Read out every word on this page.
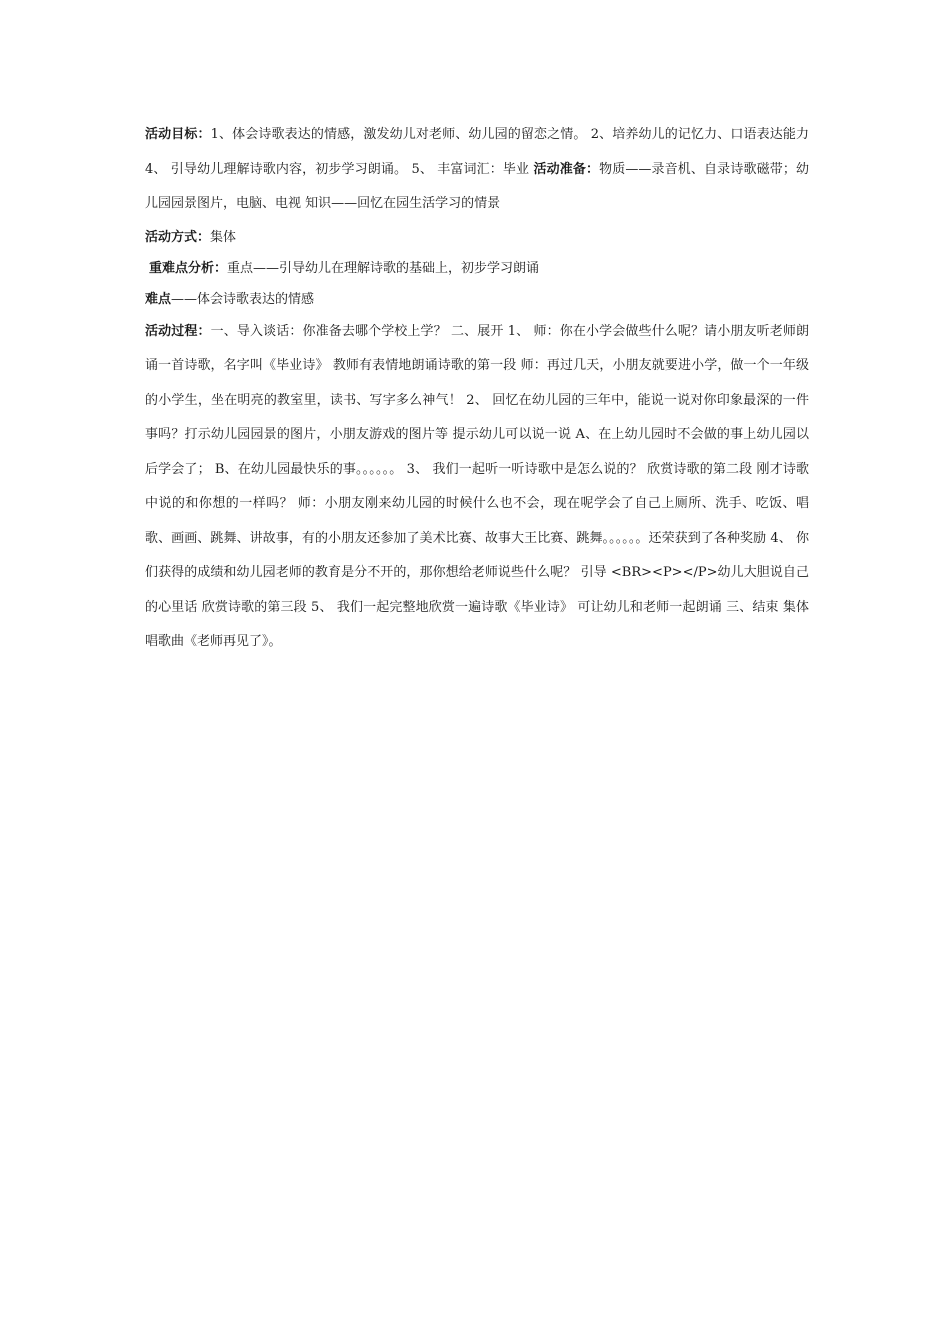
活动目标：1、体会诗歌表达的情感，激发幼儿对老师、幼儿园的留恋之情。 2、培养幼儿的记忆力、口语表达能力 4、 引导幼儿理解诗歌内容，初步学习朗诵。 5、 丰富词汇：毕业 活动准备：物质——录音机、自录诗歌磁带；幼儿园园景图片，电脑、电视 知识——回忆在园生活学习的情景

活动方式：集体

重难点分析：重点——引导幼儿在理解诗歌的基础上，初步学习朗诵

难点——体会诗歌表达的情感

活动过程：一、导入谈话：你准备去哪个学校上学？ 二、展开 1、 师：你在小学会做些什么呢？请小朋友听老师朗诵一首诗歌，名字叫《毕业诗》 教师有表情地朗诵诗歌的第一段 师：再过几天，小朋友就要进小学，做一个一年级的小学生，坐在明亮的教室里，读书、写字多么神气！ 2、 回忆在幼儿园的三年中，能说一说对你印象最深的一件事吗？打示幼儿园园景的图片，小朋友游戏的图片等 提示幼儿可以说一说 A、在上幼儿园时不会做的事上幼儿园以后学会了； B、在幼儿园最快乐的事。。。。。。 3、 我们一起听一听诗歌中是怎么说的？ 欣赏诗歌的第二段 刚才诗歌中说的和你想的一样吗？ 师：小朋友刚来幼儿园的时候什么也不会，现在呢学会了自己上厕所、洗手、吃饭、唱歌、画画、跳舞、讲故事，有的小朋友还参加了美术比赛、故事大王比赛、跳舞。。。。。。还荣获到了各种奖励 4、 你们获得的成绩和幼儿园老师的教育是分不开的，那你想给老师说些什么呢？ 引导 <BR><P></P>幼儿大胆说自己的心里话 欣赏诗歌的第三段 5、 我们一起完整地欣赏一遍诗歌《毕业诗》 可让幼儿和老师一起朗诵 三、结束 集体唱歌曲《老师再见了》。
